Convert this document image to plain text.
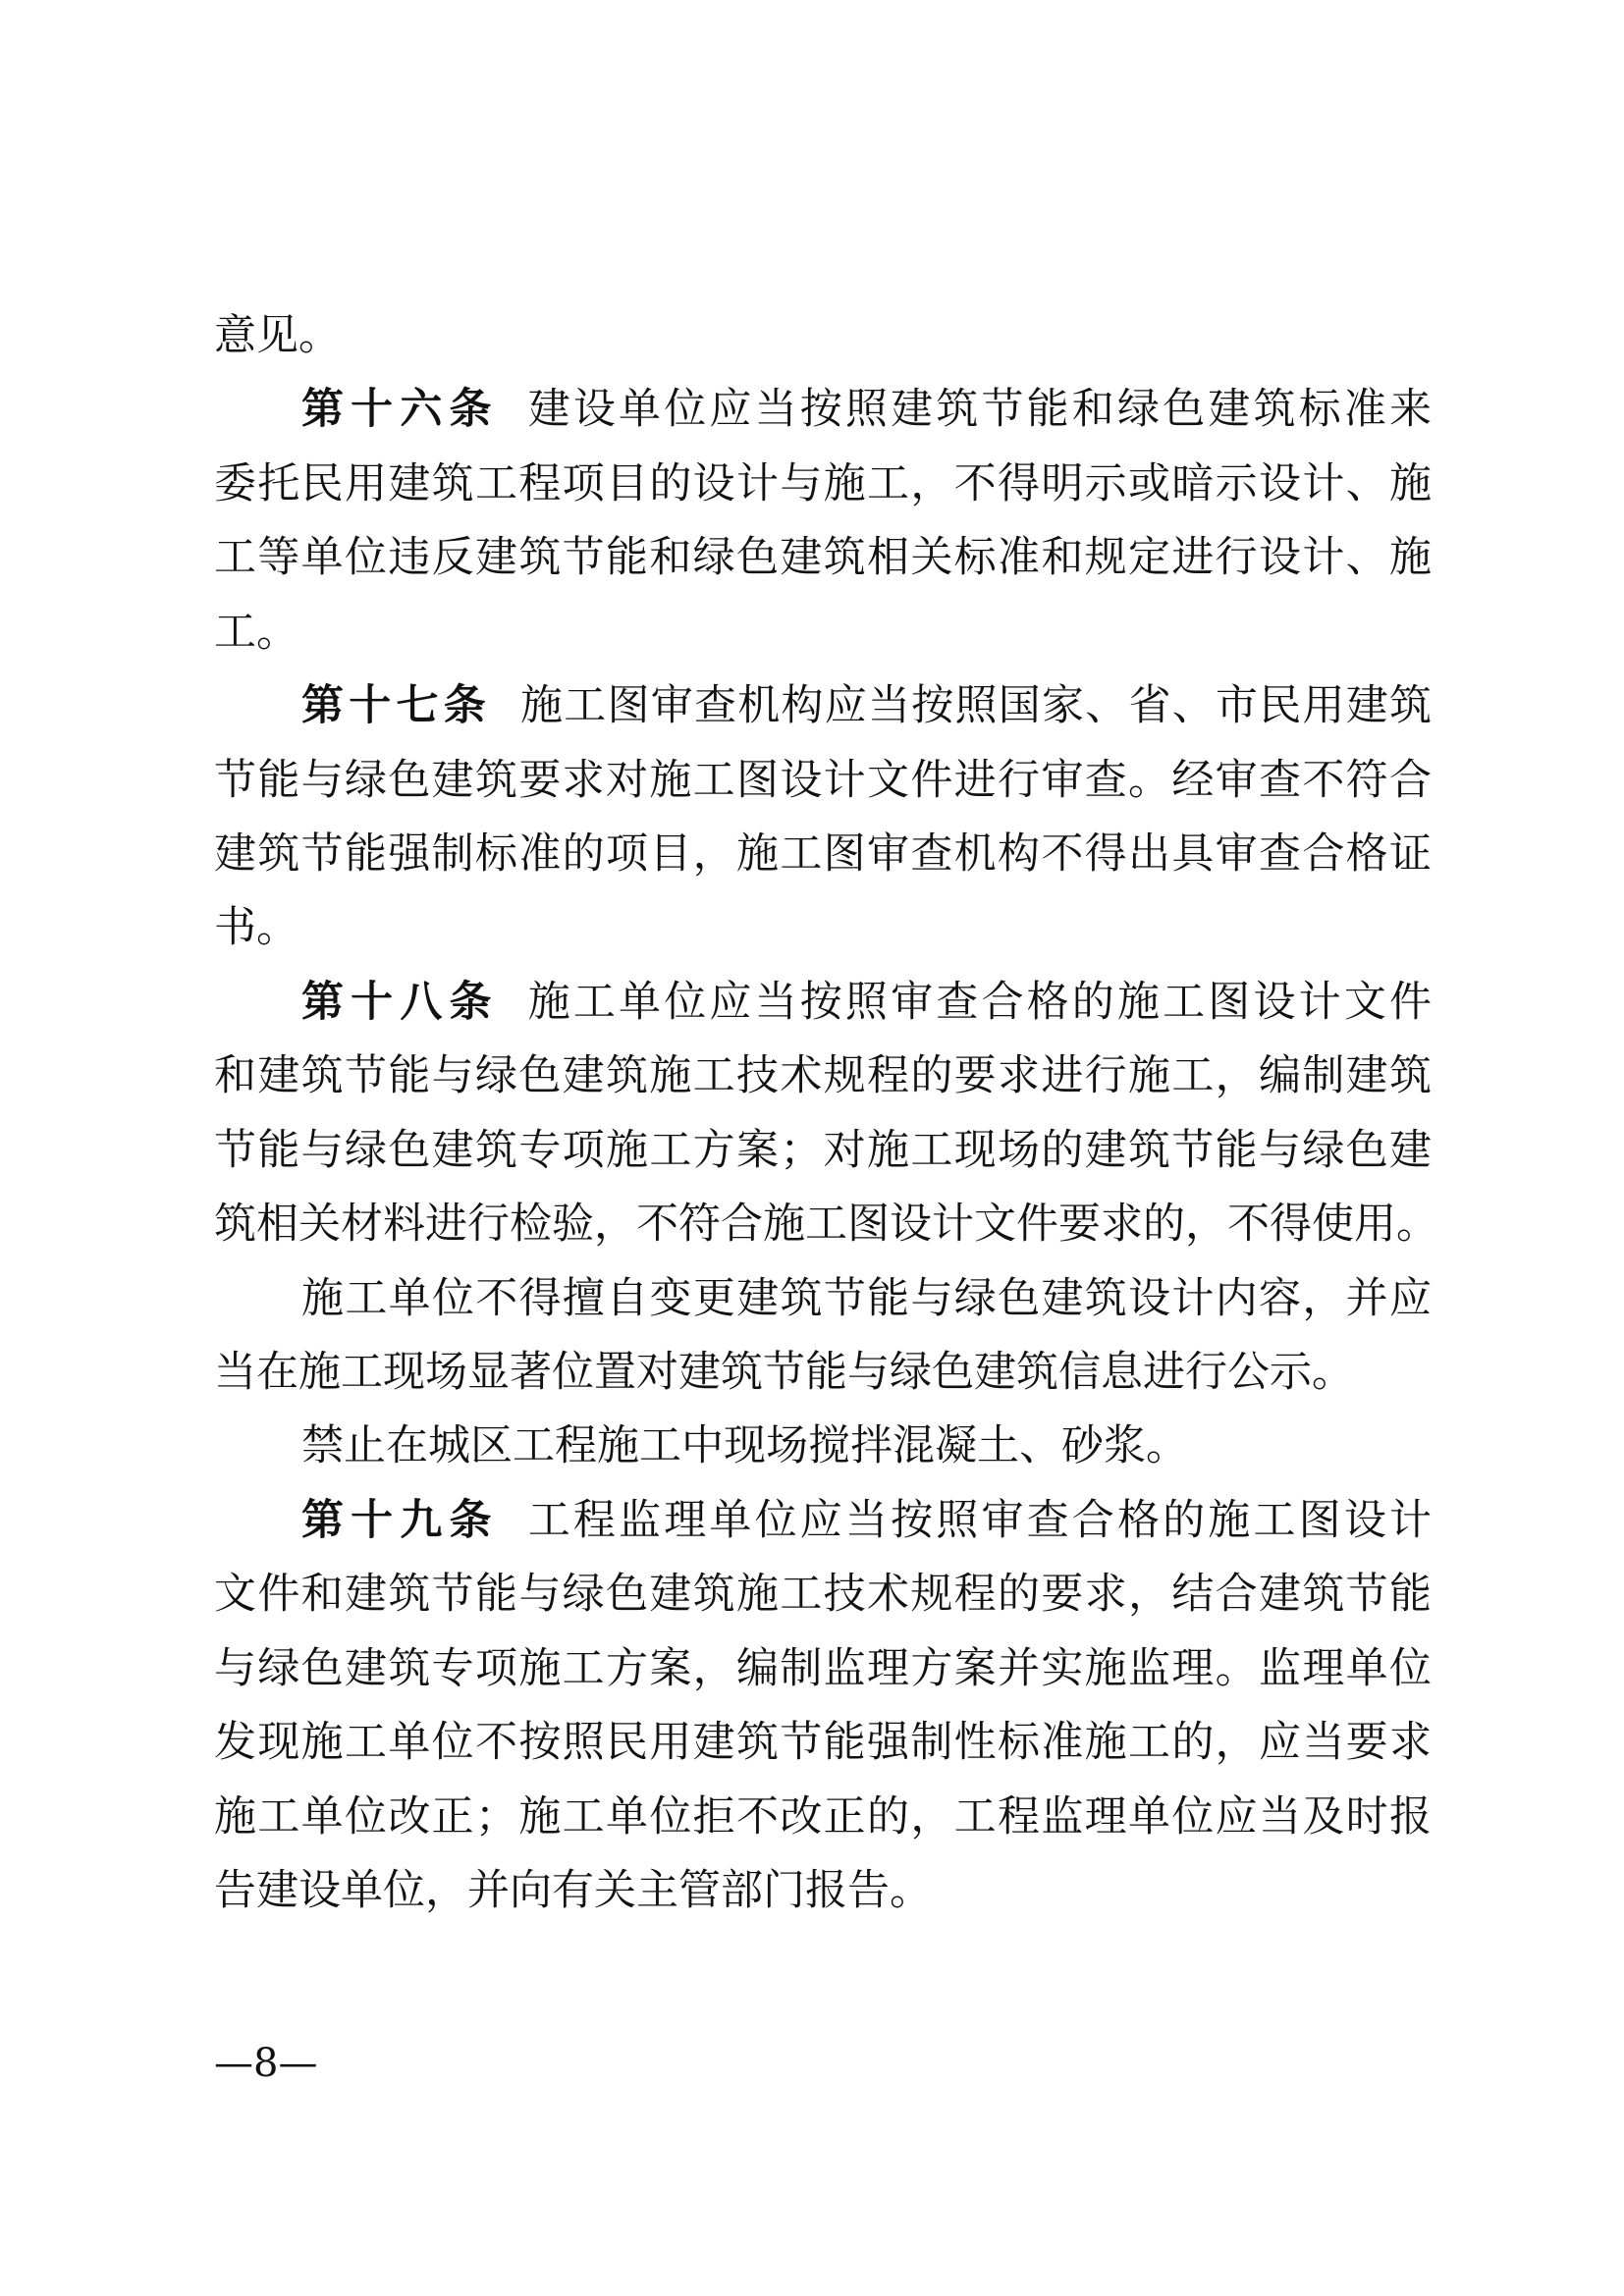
意见。
第十六条 建设单位应当按照建筑节能和绿色建筑标准来
委托民用建筑工程项目的设计与施工，不得明示或暗示设计、施
工等单位违反建筑节能和绿色建筑相关标准和规定进行设计、施
工。
第十七条 施工图审查机构应当按照国家、省、市民用建筑
节能与绿色建筑要求对施工图设计文件进行审查。经审查不符合
建筑节能强制标准的项目，施工图审查机构不得出具审查合格证
书。
第十八条 施工单位应当按照审查合格的施工图设计文件
和建筑节能与绿色建筑施工技术规程的要求进行施工，编制建筑
节能与绿色建筑专项施工方案；对施工现场的建筑节能与绿色建
筑相关材料进行检验，不符合施工图设计文件要求的，不得使用。
施工单位不得擅自变更建筑节能与绿色建筑设计内容，并应
当在施工现场显著位置对建筑节能与绿色建筑信息进行公示。
禁止在城区工程施工中现场搅拌混凝土、砂浆。
第十九条 工程监理单位应当按照审查合格的施工图设计
文件和建筑节能与绿色建筑施工技术规程的要求，结合建筑节能
与绿色建筑专项施工方案，编制监理方案并实施监理。监理单位
发现施工单位不按照民用建筑节能强制性标准施工的，应当要求
施工单位改正；施工单位拒不改正的，工程监理单位应当及时报
告建设单位，并向有关主管部门报告。
—8—
